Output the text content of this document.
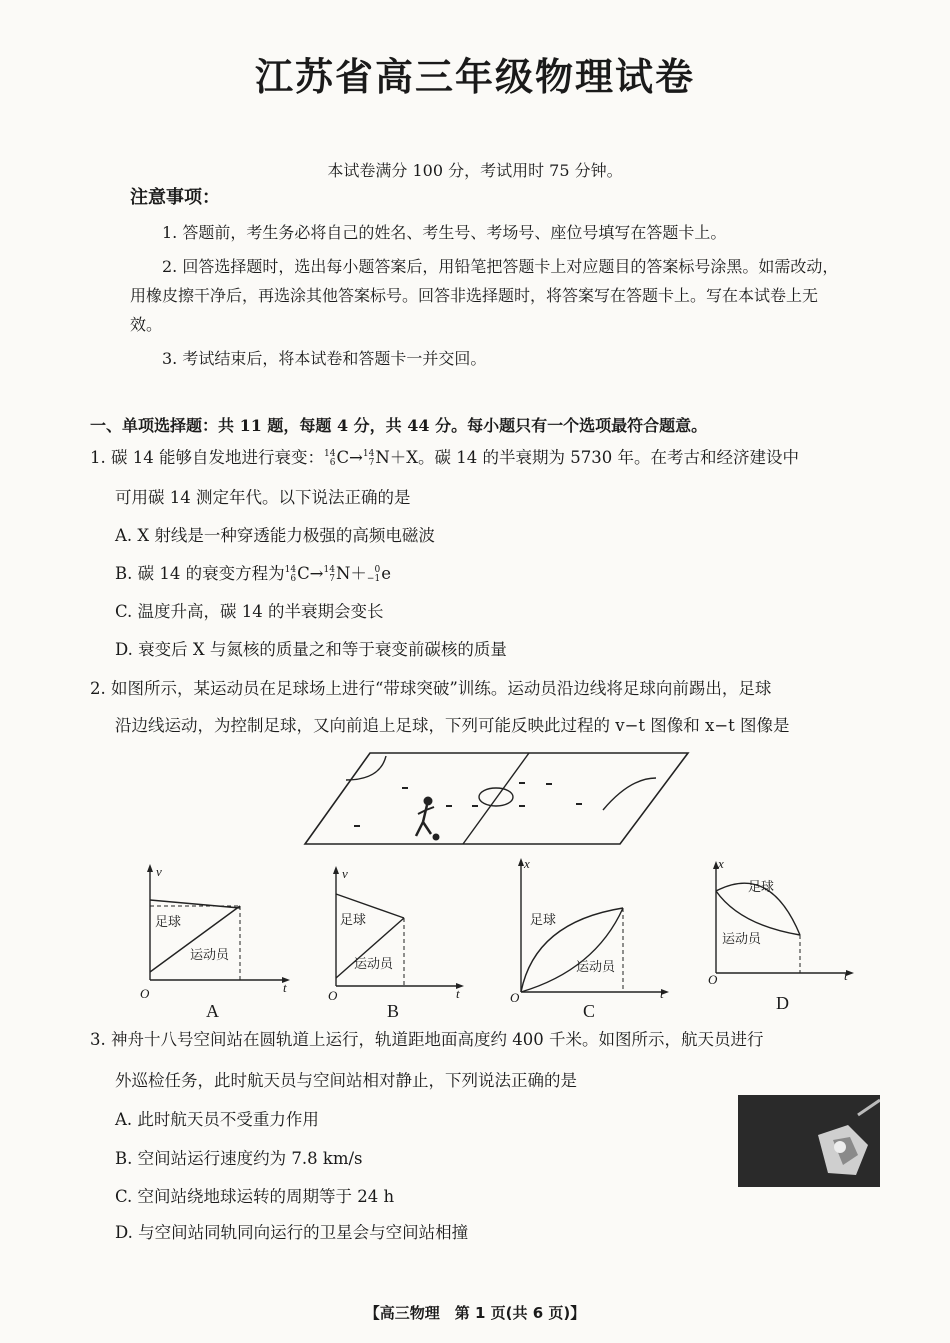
江苏省高三年级物理试卷
本试卷满分 100 分，考试用时 75 分钟。
注意事项：
1. 答题前，考生务必将自己的姓名、考生号、考场号、座位号填写在答题卡上。
2. 回答选择题时，选出每小题答案后，用铅笔把答题卡上对应题目的答案标号涂黑。如需改动，用橡皮擦干净后，再选涂其他答案标号。回答非选择题时，将答案写在答题卡上。写在本试卷上无效。
3. 考试结束后，将本试卷和答题卡一并交回。
一、单项选择题：共 11 题，每题 4 分，共 44 分。每小题只有一个选项最符合题意。
1. 碳 14 能够自发地进行衰变： 14
6 C→ 14
7 N＋X。碳 14 的半衰期为 5730 年。在考古和经济建设中
可用碳 14 测定年代。以下说法正确的是
A. X 射线是一种穿透能力极强的高频电磁波
B. 碳 14 的衰变方程为 14
6 C→ 14
7 N＋ 0
−1 e
C. 温度升高，碳 14 的半衰期会变长
D. 衰变后 X 与氮核的质量之和等于衰变前碳核的质量
2. 如图所示，某运动员在足球场上进行“带球突破”训练。运动员沿边线将足球向前踢出，足球
沿边线运动，为控制足球，又向前追上足球，下列可能反映此过程的 v−t 图像和 x−t 图像是
v
t
O
足球
运动员
A
v
t
O
足球
运动员
B
x
t
O
足球
运动员
C
x
t
O
足球
运动员
D
3. 神舟十八号空间站在圆轨道上运行，轨道距地面高度约 400 千米。如图所示，航天员进行
外巡检任务，此时航天员与空间站相对静止，下列说法正确的是
A. 此时航天员不受重力作用
B. 空间站运行速度约为 7.8 km/s
C. 空间站绕地球运转的周期等于 24 h
D. 与空间站同轨同向运行的卫星会与空间站相撞
【高三物理　第 1 页(共 6 页)】
